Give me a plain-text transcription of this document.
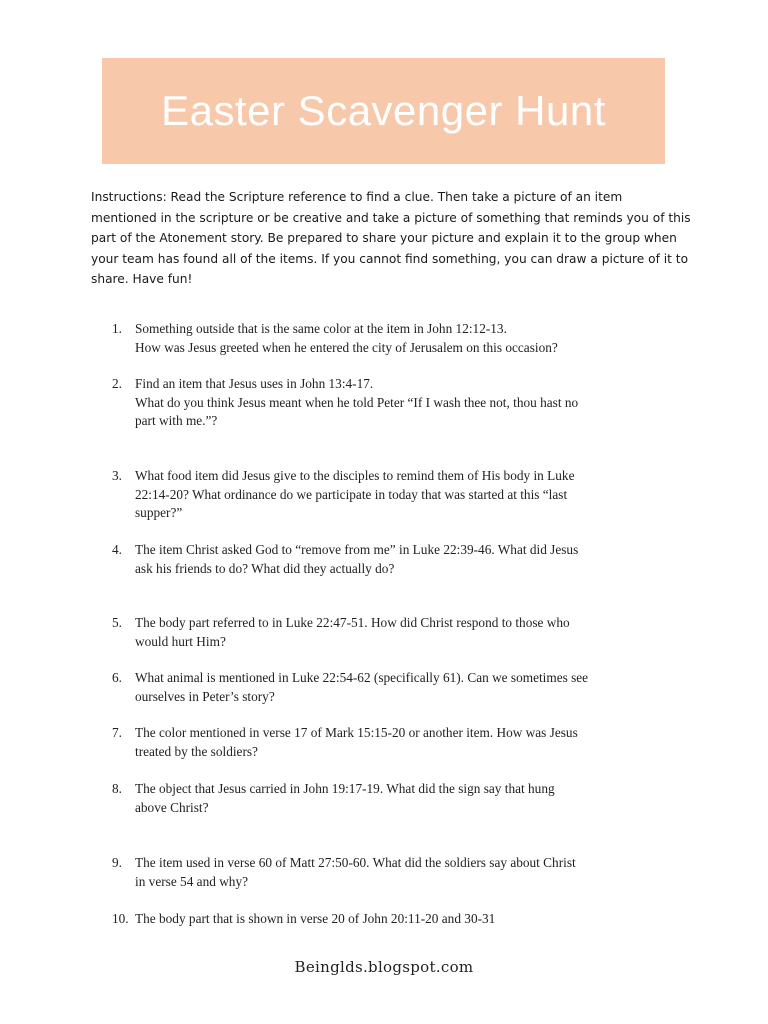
Easter Scavenger Hunt

Instructions: Read the Scripture reference to find a clue. Then take a picture of an item mentioned in the scripture or be creative and take a picture of something that reminds you of this part of the Atonement story. Be prepared to share your picture and explain it to the group when your team has found all of the items. If you cannot find something, you can draw a picture of it to share. Have fun!

1. Something outside that is the same color at the item in John 12:12-13.
How was Jesus greeted when he entered the city of Jerusalem on this occasion?
2. Find an item that Jesus uses in John 13:4-17.
What do you think Jesus meant when he told Peter “If I wash thee not, thou hast no
part with me.”?
3. What food item did Jesus give to the disciples to remind them of His body in Luke
22:14-20? What ordinance do we participate in today that was started at this “last
supper?”
4. The item Christ asked God to “remove from me” in Luke 22:39-46. What did Jesus
ask his friends to do? What did they actually do?
5. The body part referred to in Luke 22:47-51. How did Christ respond to those who
would hurt Him?
6. What animal is mentioned in Luke 22:54-62 (specifically 61). Can we sometimes see
ourselves in Peter’s story?
7. The color mentioned in verse 17 of Mark 15:15-20 or another item. How was Jesus
treated by the soldiers?
8. The object that Jesus carried in John 19:17-19. What did the sign say that hung
above Christ?
9. The item used in verse 60 of Matt 27:50-60. What did the soldiers say about Christ
in verse 54 and why?
10. The body part that is shown in verse 20 of John 20:11-20 and 30-31
Beinglds.blogspot.com
